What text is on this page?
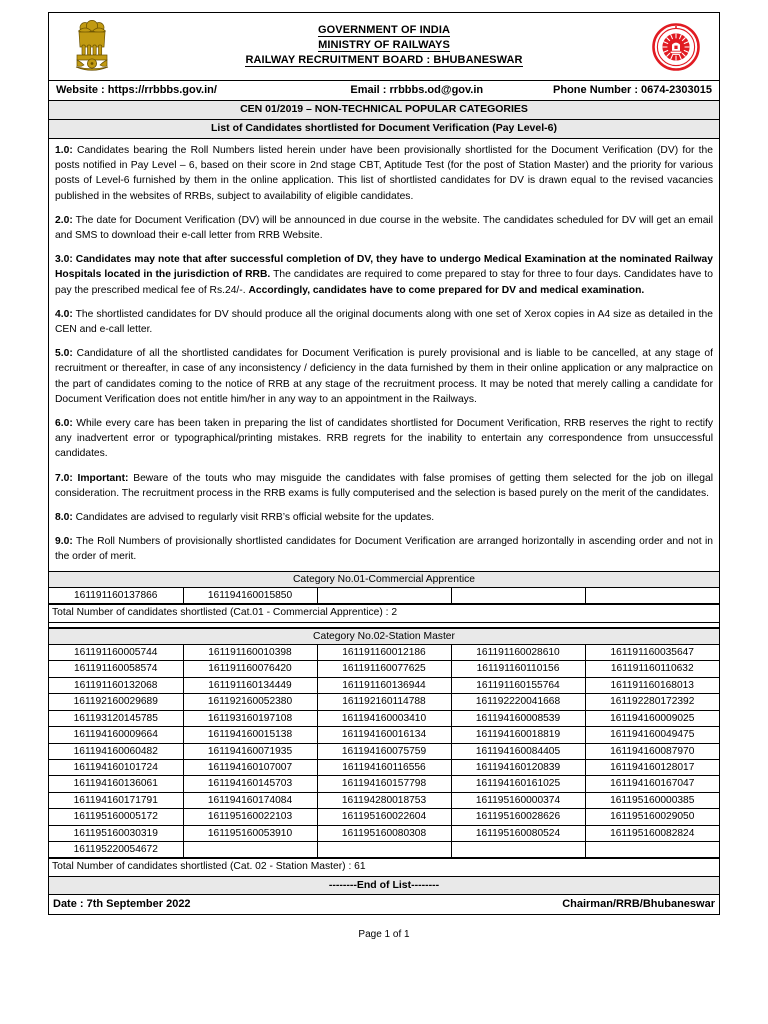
GOVERNMENT OF INDIA
MINISTRY OF RAILWAYS
RAILWAY RECRUITMENT BOARD : BHUBANESWAR
Website : https://rrbbbs.gov.in/	Email : rrbbbs.od@gov.in	Phone Number : 0674-2303015
CEN 01/2019 – NON-TECHNICAL POPULAR CATEGORIES
List of Candidates shortlisted for Document Verification (Pay Level-6)

1.0: Candidates bearing the Roll Numbers listed herein under have been provisionally shortlisted for the Document Verification (DV) for the posts notified in Pay Level – 6, based on their score in 2nd stage CBT, Aptitude Test (for the post of Station Master) and the priority for various posts of Level-6 furnished by them in the online application. This list of shortlisted candidates for DV is drawn equal to the revised vacancies published in the websites of RRBs, subject to availability of eligible candidates.

2.0: The date for Document Verification (DV) will be announced in due course in the website. The candidates scheduled for DV will get an email and SMS to download their e-call letter from RRB Website.

3.0: Candidates may note that after successful completion of DV, they have to undergo Medical Examination at the nominated Railway Hospitals located in the jurisdiction of RRB. The candidates are required to come prepared to stay for three to four days. Candidates have to pay the prescribed medical fee of Rs.24/-. Accordingly, candidates have to come prepared for DV and medical examination.

4.0: The shortlisted candidates for DV should produce all the original documents along with one set of Xerox copies in A4 size as detailed in the CEN and e-call letter.

5.0: Candidature of all the shortlisted candidates for Document Verification is purely provisional and is liable to be cancelled, at any stage of recruitment or thereafter, in case of any inconsistency / deficiency in the data furnished by them in their online application or any malpractice on the part of candidates coming to the notice of RRB at any stage of the recruitment process. It may be noted that merely calling a candidate for Document Verification does not entitle him/her in any way to an appointment in the Railways.

6.0: While every care has been taken in preparing the list of candidates shortlisted for Document Verification, RRB reserves the right to rectify any inadvertent error or typographical/printing mistakes. RRB regrets for the inability to entertain any correspondence from unsuccessful candidates.

7.0: Important: Beware of the touts who may misguide the candidates with false promises of getting them selected for the job on illegal consideration. The recruitment process in the RRB exams is fully computerised and the selection is based purely on the merit of the candidates.

8.0: Candidates are advised to regularly visit RRB’s official website for the updates.

9.0: The Roll Numbers of provisionally shortlisted candidates for Document Verification are arranged horizontally in ascending order and not in the order of merit.

Category No.01-Commercial Apprentice
161191160137866	161194160015850			
Total Number of candidates shortlisted (Cat.01 - Commercial Apprentice) : 2
Category No.02-Station Master
161191160005744	161191160010398	161191160012186	161191160028610	161191160035647
161191160058574	161191160076420	161191160077625	161191160110156	161191160110632
161191160132068	161191160134449	161191160136944	161191160155764	161191160168013
161192160029689	161192160052380	161192160114788	161192220041668	161192280172392
161193120145785	161193160197108	161194160003410	161194160008539	161194160009025
161194160009664	161194160015138	161194160016134	161194160018819	161194160049475
161194160060482	161194160071935	161194160075759	161194160084405	161194160087970
161194160101724	161194160107007	161194160116556	161194160120839	161194160128017
161194160136061	161194160145703	161194160157798	161194160161025	161194160167047
161194160171791	161194160174084	161194280018753	161195160000374	161195160000385
161195160005172	161195160022103	161195160022604	161195160028626	161195160029050
161195160030319	161195160053910	161195160080308	161195160080524	161195160082824
161195220054672				
Total Number of candidates shortlisted (Cat. 02 - Station Master) : 61
--------End of List--------
Date : 7th September 2022	Chairman/RRB/Bhubaneswar
Page 1 of 1
